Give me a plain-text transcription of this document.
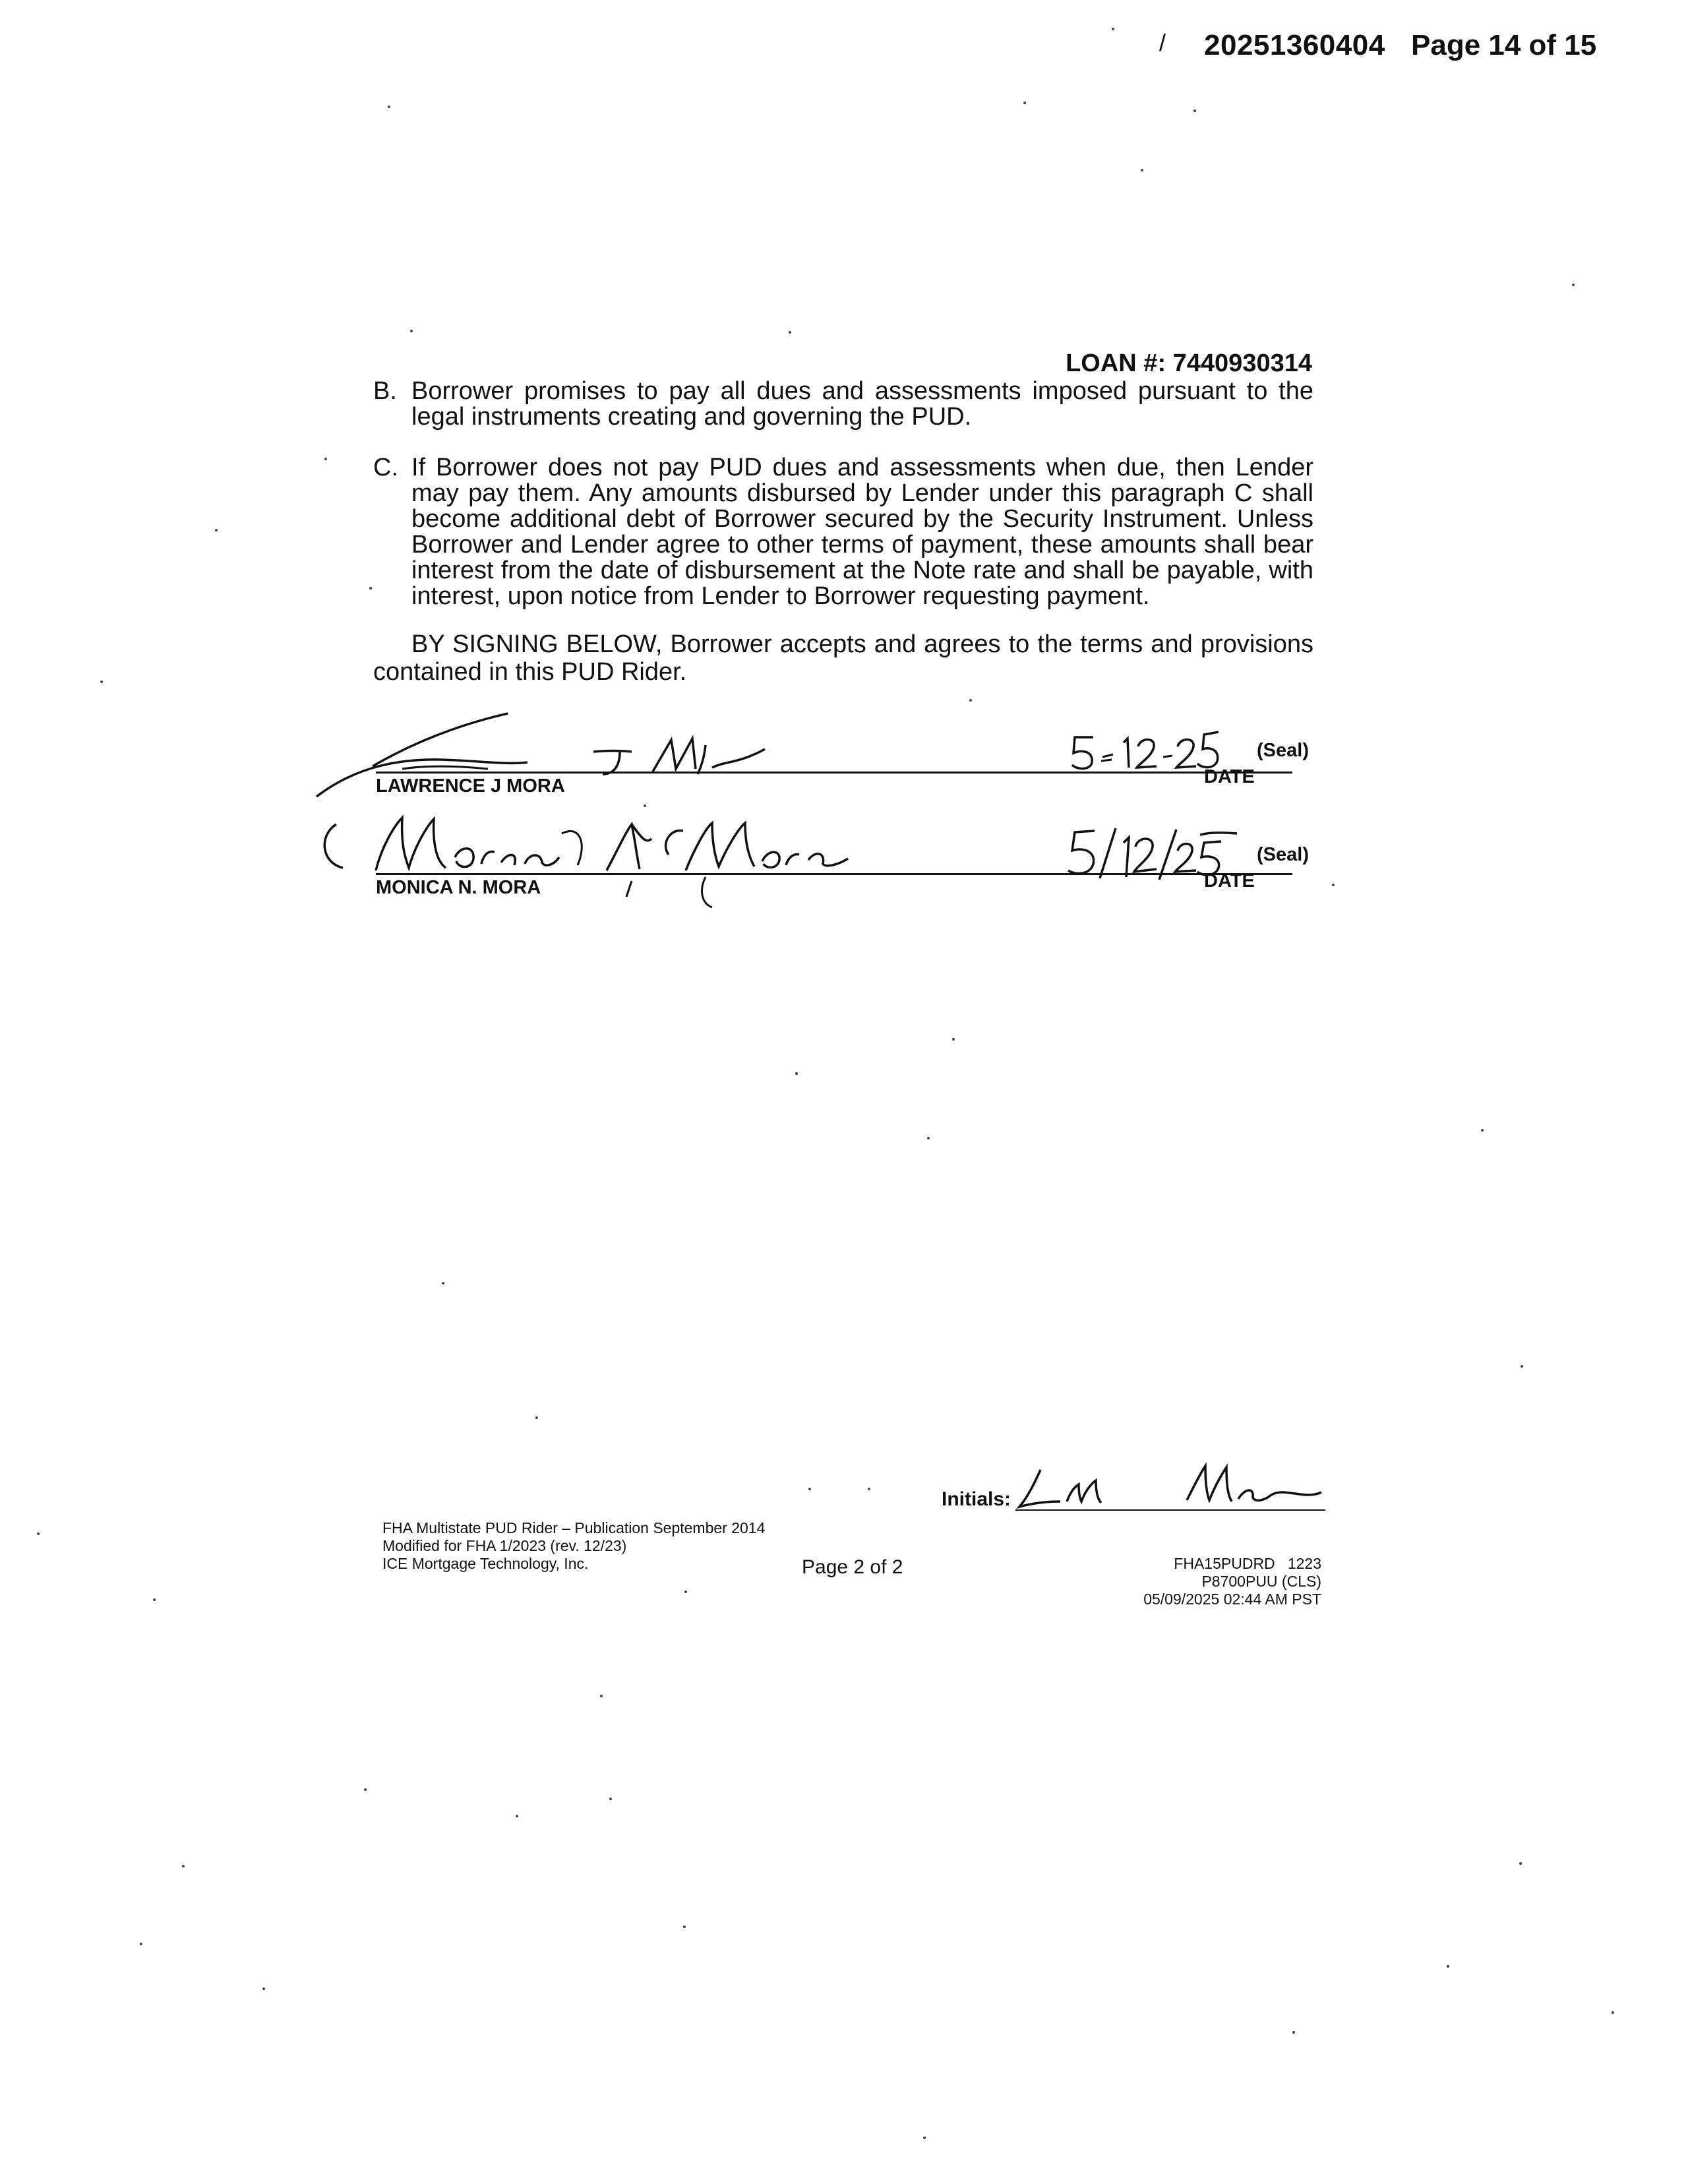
/ 20251360404 Page 14 of 15
LOAN #: 7440930314
B. Borrower promises to pay all dues and assessments imposed pursuant to the legal instruments creating and governing the PUD.
C. If Borrower does not pay PUD dues and assessments when due, then Lender may pay them. Any amounts disbursed by Lender under this paragraph C shall become additional debt of Borrower secured by the Security Instrument. Unless Borrower and Lender agree to other terms of payment, these amounts shall bear interest from the date of disbursement at the Note rate and shall be payable, with interest, upon notice from Lender to Borrower requesting payment.
BY SIGNING BELOW, Borrower accepts and agrees to the terms and provisions contained in this PUD Rider.
LAWRENCE J MORA
(Seal)
DATE
MONICA N. MORA
(Seal)
DATE
Initials:
FHA Multistate PUD Rider – Publication September 2014
Modified for FHA 1/2023 (rev. 12/23)
ICE Mortgage Technology, Inc.	Page 2 of 2	FHA15PUDRD   1223
P8700PUU (CLS)
05/09/2025 02:44 AM PST
